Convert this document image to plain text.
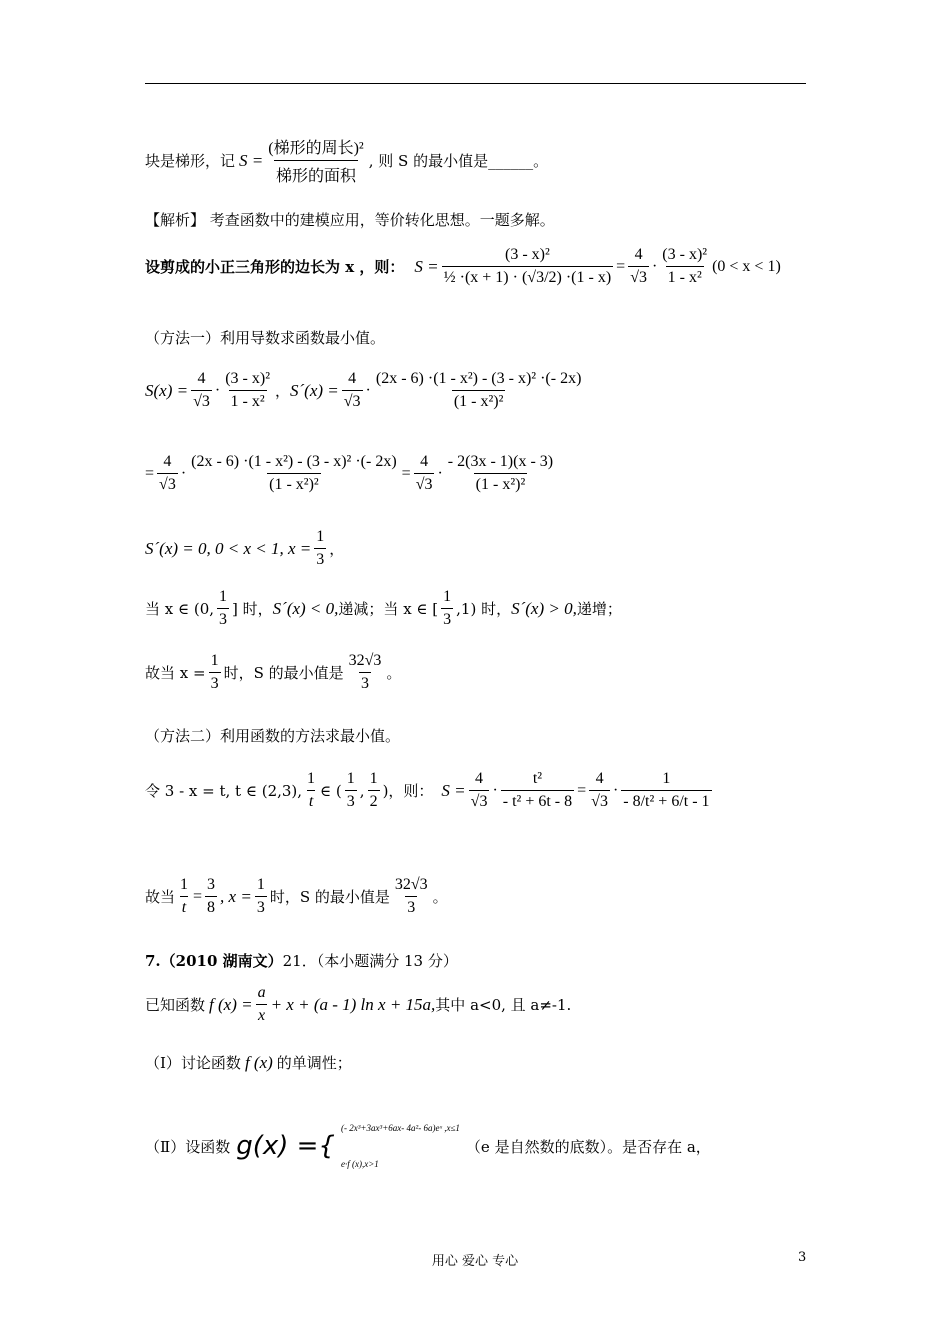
块是梯形，记 $S = \frac{\text{(梯形的周长)²}}{\text{梯形的面积}}$ , 则 S 的最小值是______。
【解析】 考查函数中的建模应用，等价转化思想。一题多解。
设剪成的小正三角形的边长为 x ，则： $S = \frac{\text{(3 - x)²}}{\text{½ ·(x + 1) · (√3/2) ·(1 - x)}} = \frac{4}{√3} \cdot \frac{\text{(3 - x)²}}{\text{1 - x²}} (0 < x < 1)$
（方法一）利用导数求函数最小值。
$S(x) = \frac{4}{√3} \cdot \frac{\text{(3 - x)²}}{\text{1 - x²}}$ ， S´(x) = $\frac{4}{√3} \cdot \frac{\text{(2x - 6) ·(1 - x²) - (3 - x)² ·(- 2x)}}{\text{(1 - x²)²}}$
= $\frac{4}{√3} \cdot \frac{\text{(2x - 6) ·(1 - x²) - (3 - x)² ·(- 2x)}}{\text{(1 - x²)²}} = \frac{4}{√3} \cdot \frac{- 2(3x - 1)(x - 3)}{\text{(1 - x²)²}}$
S´(x) = 0, 0 < x < 1, $x = \frac{1}{3}$ ，
当 x ∈ (0, $\frac{1}{3}$ ] 时， S´(x) < 0, 递减；当 x ∈ [ $\frac{1}{3} ,1$) 时， S´(x) > 0, 递增；
故当 $x = \frac{1}{3}$ 时，S 的最小值是 $\frac{32√3}{3}$ 。
（方法二）利用函数的方法求最小值。
令 3 - x = t, t ∈ (2,3), $\frac{1}{t}$ ∈ ( $\frac{1}{3}$ , $\frac{1}{2}$ )，则： $S = \frac{4}{√3} \cdot \frac{\text{t²}}{\text{- t² + 6t - 8}} = \frac{4}{√3} \cdot \frac{1}{\text{- 8/t² + 6/t - 1}}$
故当 $\frac{1}{t} = \frac{3}{8}$ , $x = \frac{1}{3}$ 时，S 的最小值是 $\frac{32√3}{3}$ 。
7.（2010 湖南文） 21．（本小题满分 13 分）
已知函数 f $(x) = \frac{a}{x} + x + (a - 1)$ ln x + 15a, 其中 a<0, 且 a≠-1.
（Ⅰ）讨论函数 f (x) 的单调性；
（Ⅱ）设函数 g(x) ={
(- 2x³+3ax³+6ax- 4a²- 6a)eˣ ,x≤1
e·f (x),x>1
（e 是自然数的底数）。是否存在 a，
用心 爱心 专心	3
